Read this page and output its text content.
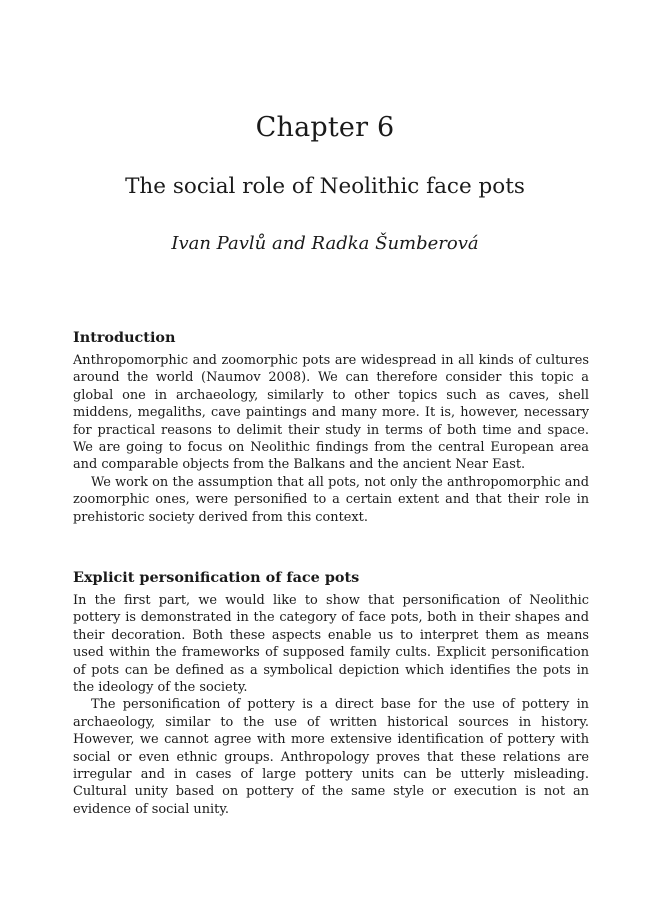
Chapter 6
The social role of Neolithic face pots
Ivan Pavlů and Radka Šumberová
Introduction

Anthropomorphic and zoomorphic pots are widespread in all kinds of cultures around the world (Naumov 2008). We can therefore consider this topic a global one in archaeology, similarly to other topics such as caves, shell middens, megaliths, cave paintings and many more. It is, however, necessary for practical reasons to delimit their study in terms of both time and space. We are going to focus on Neolithic findings from the central European area and comparable objects from the Balkans and the ancient Near East.

We work on the assumption that all pots, not only the anthropomorphic and zoomorphic ones, were personified to a certain extent and that their role in prehistoric society derived from this context.

Explicit personification of face pots

In the first part, we would like to show that personification of Neolithic pottery is demonstrated in the category of face pots, both in their shapes and their decoration. Both these aspects enable us to interpret them as means used within the frameworks of supposed family cults. Explicit personification of pots can be defined as a symbolical depiction which identifies the pots in the ideology of the society.

The personification of pottery is a direct base for the use of pottery in archaeology, similar to the use of written historical sources in history. However, we cannot agree with more extensive identification of pottery with social or even ethnic groups. Anthropology proves that these relations are irregular and in cases of large pottery units can be utterly misleading. Cultural unity based on pottery of the same style or execution is not an evidence of social unity.
